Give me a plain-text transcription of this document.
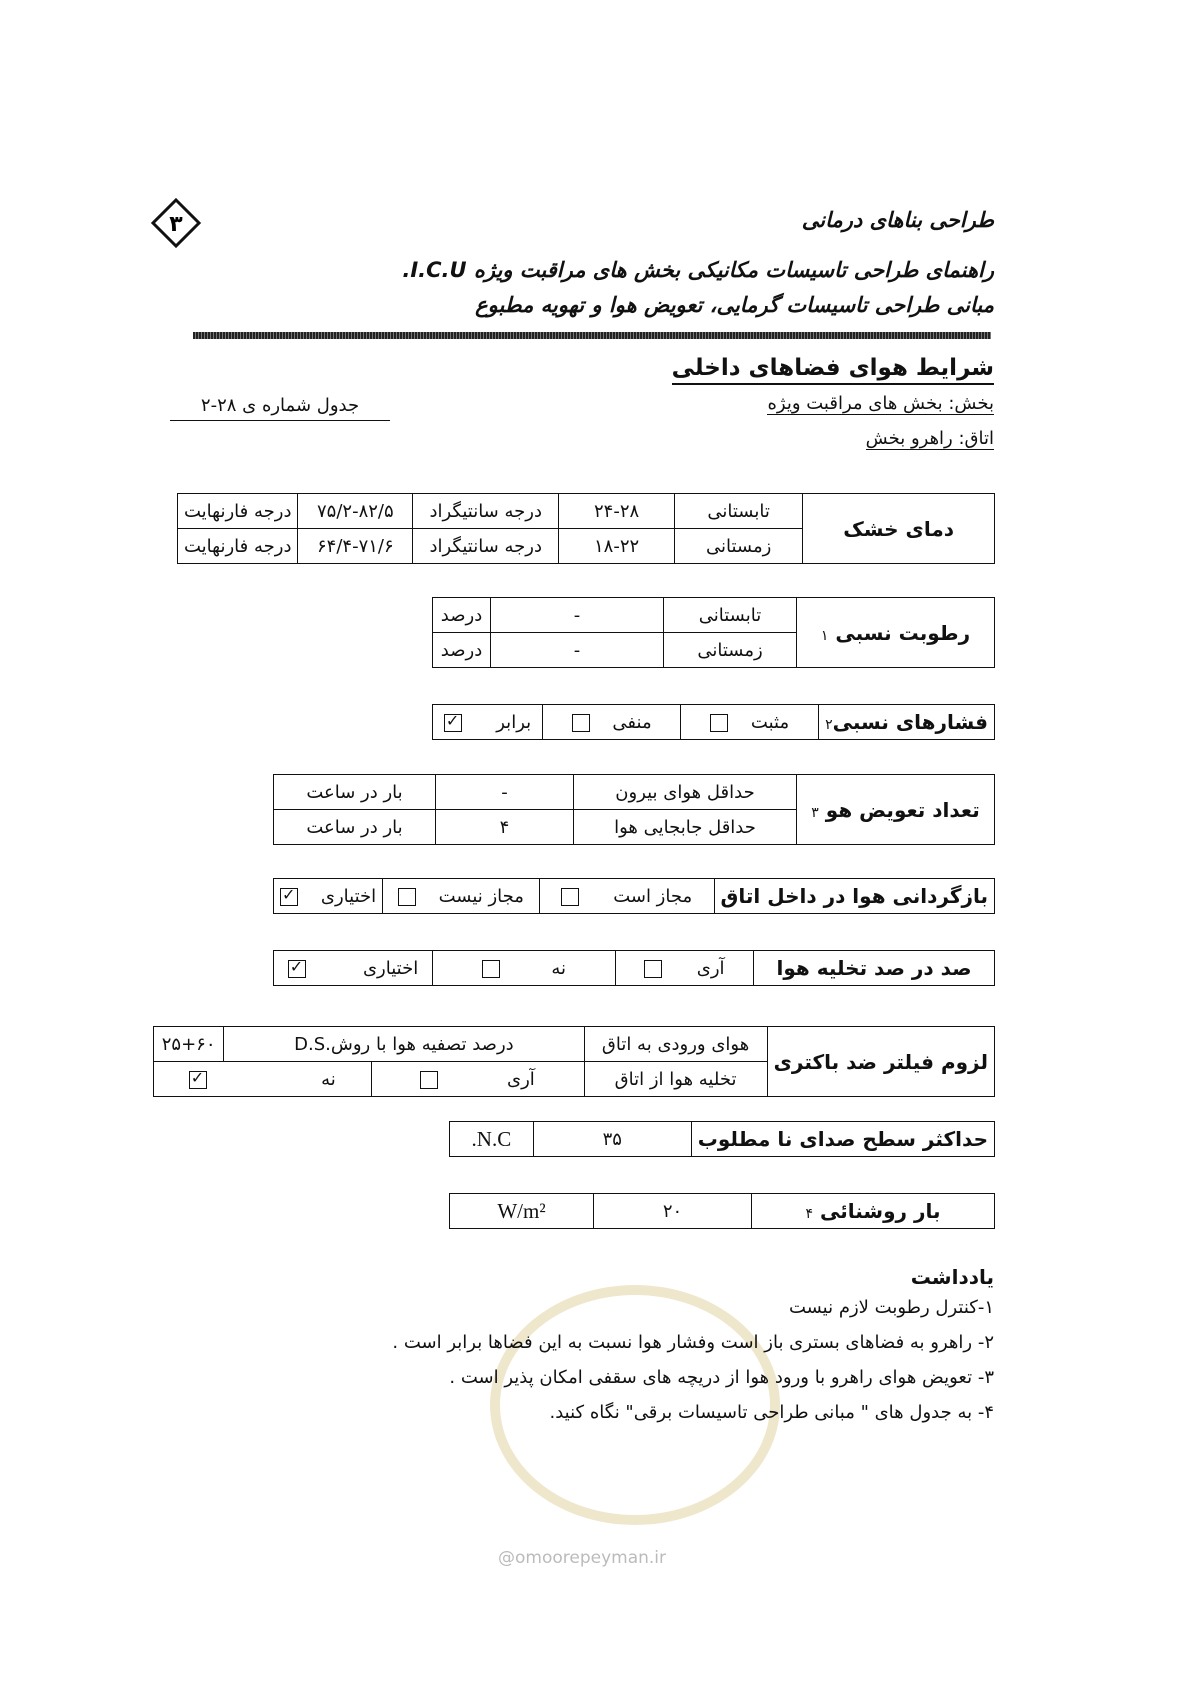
۳	طراحی بناهای درمانی
راهنمای طراحی تاسیسات مکانیکی بخش های مراقبت ویژه I.C.U.
مبانی طراحی تاسیسات گرمایی، تعویض هوا و تهویه مطبوع
شرایط هوای فضاهای داخلی
بخش: بخش های مراقبت ویژه
اتاق: راهرو بخش
جدول شماره ی ۲۸-۲
دمای خشک	تابستانی	۲۴-۲۸	درجه سانتیگراد	۷۵/۲-۸۲/۵	درجه فارنهایت
	زمستانی	۱۸-۲۲	درجه سانتیگراد	۶۴/۴-۷۱/۶	درجه فارنهایت
رطوبت نسبی ۱	تابستانی	-	درصد
	زمستانی	-	درصد
فشارهای نسبی۲	مثبت	منفی	برابر      ✓
تعداد تعویض هو ۳	حداقل هوای بیرون	-	بار در ساعت
	حداقل جابجایی هوا	۴	بار در ساعت
بازگردانی هوا در داخل اتاق	مجاز است	مجاز نیست	اختیاری    ✓
صد در صد تخلیه هوا	آری	نه	اختیاری          ✓
لزوم فیلتر ضد باکتری	هوای ورودی به اتاق	درصد تصفیه هوا با روش.D.S		۲۵+۶۰
	تخلیه هوا از اتاق	آری	نه                    ✓
حداکثر سطح صدای نا مطلوب	۳۵	N.C.
بار روشنائی ۴	۲۰	W/m²
یادداشت
۱-کنترل رطوبت لازم نیست
۲- راهرو به فضاهای بستری باز است وفشار هوا نسبت به این فضاها برابر است .
۳- تعویض هوای راهرو با ورود هوا از دریچه های سقفی امکان پذیر است .
۴- به جدول های " مبانی طراحی تاسیسات برقی" نگاه کنید.
@omoorepeyman.ir
